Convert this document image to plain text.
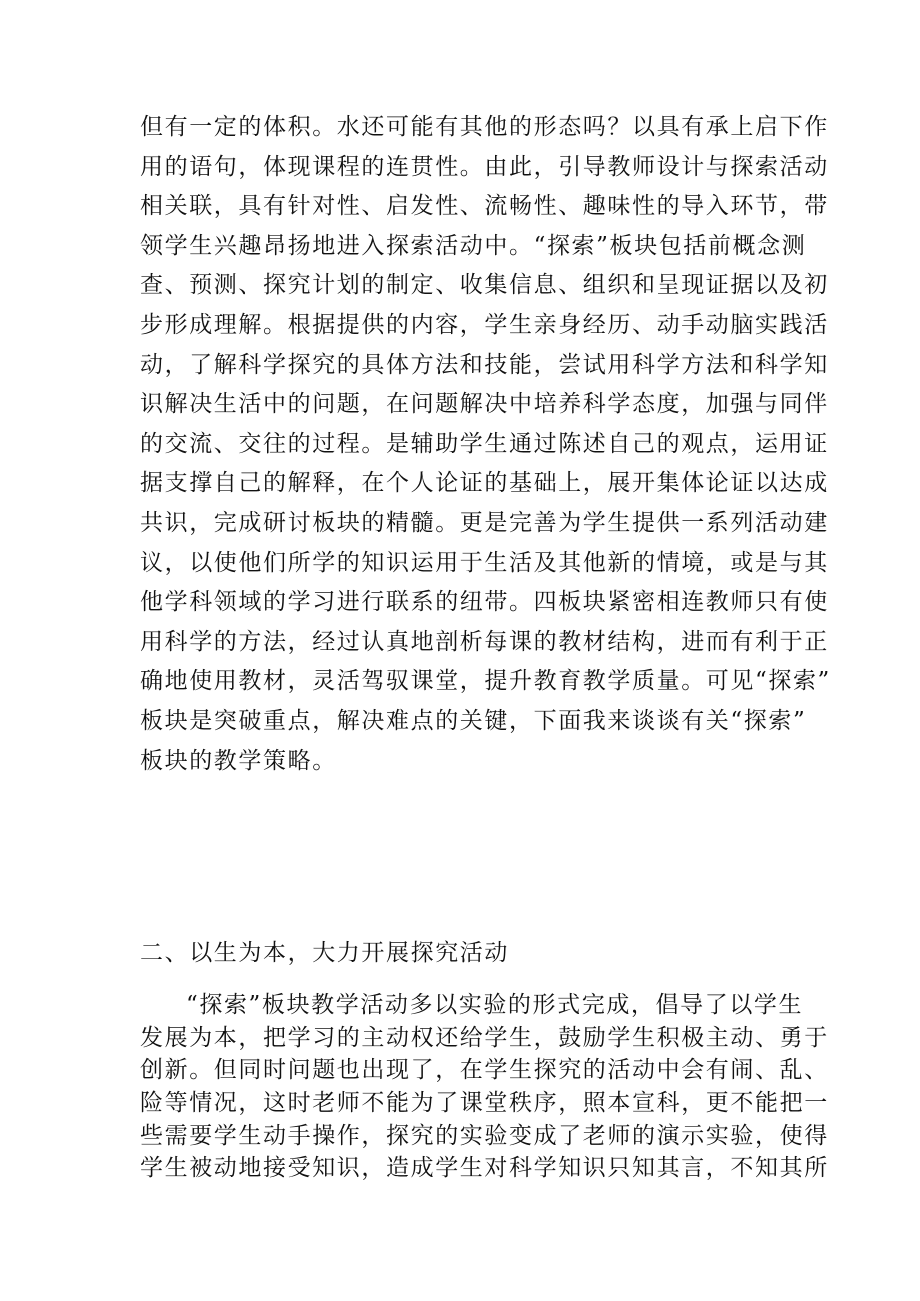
但有一定的体积。水还可能有其他的形态吗？以具有承上启下作
用的语句，体现课程的连贯性。由此，引导教师设计与探索活动
相关联，具有针对性、启发性、流畅性、趣味性的导入环节，带
领学生兴趣昂扬地进入探索活动中。“探索”板块包括前概念测
查、预测、探究计划的制定、收集信息、组织和呈现证据以及初
步形成理解。根据提供的内容，学生亲身经历、动手动脑实践活
动，了解科学探究的具体方法和技能，尝试用科学方法和科学知
识解决生活中的问题，在问题解决中培养科学态度，加强与同伴
的交流、交往的过程。是辅助学生通过陈述自己的观点，运用证
据支撑自己的解释，在个人论证的基础上，展开集体论证以达成
共识，完成研讨板块的精髓。更是完善为学生提供一系列活动建
议，以使他们所学的知识运用于生活及其他新的情境，或是与其
他学科领域的学习进行联系的纽带。四板块紧密相连教师只有使
用科学的方法，经过认真地剖析每课的教材结构，进而有利于正
确地使用教材，灵活驾驭课堂，提升教育教学质量。可见“探索”
板块是突破重点，解决难点的关键，下面我来谈谈有关“探索”
板块的教学策略。
二、以生为本，大力开展探究活动
“探索”板块教学活动多以实验的形式完成，倡导了以学生
发展为本，把学习的主动权还给学生，鼓励学生积极主动、勇于
创新。但同时问题也出现了，在学生探究的活动中会有闹、乱、
险等情况，这时老师不能为了课堂秩序，照本宣科，更不能把一
些需要学生动手操作，探究的实验变成了老师的演示实验，使得
学生被动地接受知识，造成学生对科学知识只知其言，不知其所
